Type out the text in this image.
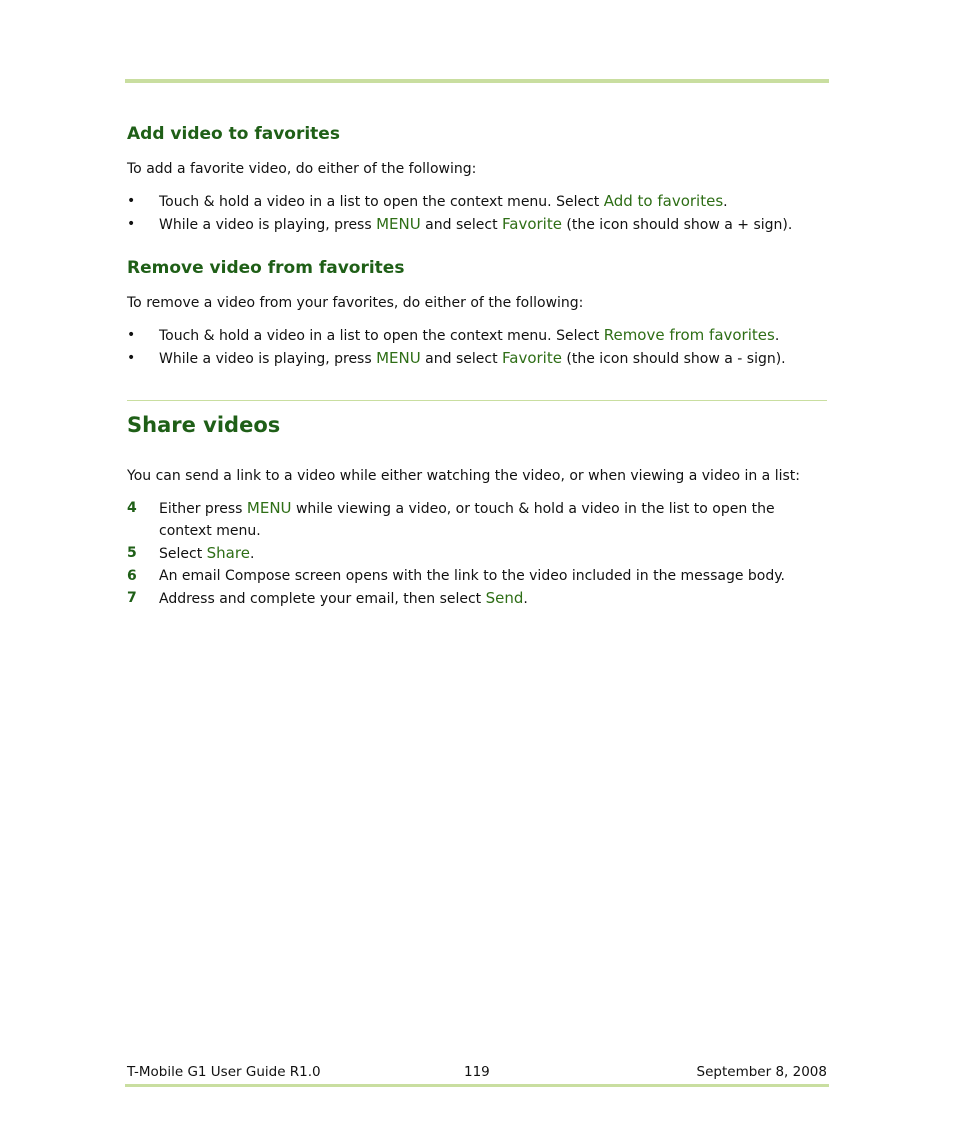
Add video to favorites

To add a favorite video, do either of the following:

•	Touch & hold a video in a list to open the context menu. Select Add to favorites.
•	While a video is playing, press MENU and select Favorite (the icon should show a + sign).
Remove video from favorites

To remove a video from your favorites, do either of the following:

•	Touch & hold a video in a list to open the context menu. Select Remove from favorites.
•	While a video is playing, press MENU and select Favorite (the icon should show a - sign).
Share videos

You can send a link to a video while either watching the video, or when viewing a video in a list:

4	Either press MENU while viewing a video, or touch & hold a video in the list to open the context menu.
5	Select Share.
6	An email Compose screen opens with the link to the video included in the message body.
7	Address and complete your email, then select Send.
T-Mobile G1 User Guide R1.0	119	September 8, 2008
